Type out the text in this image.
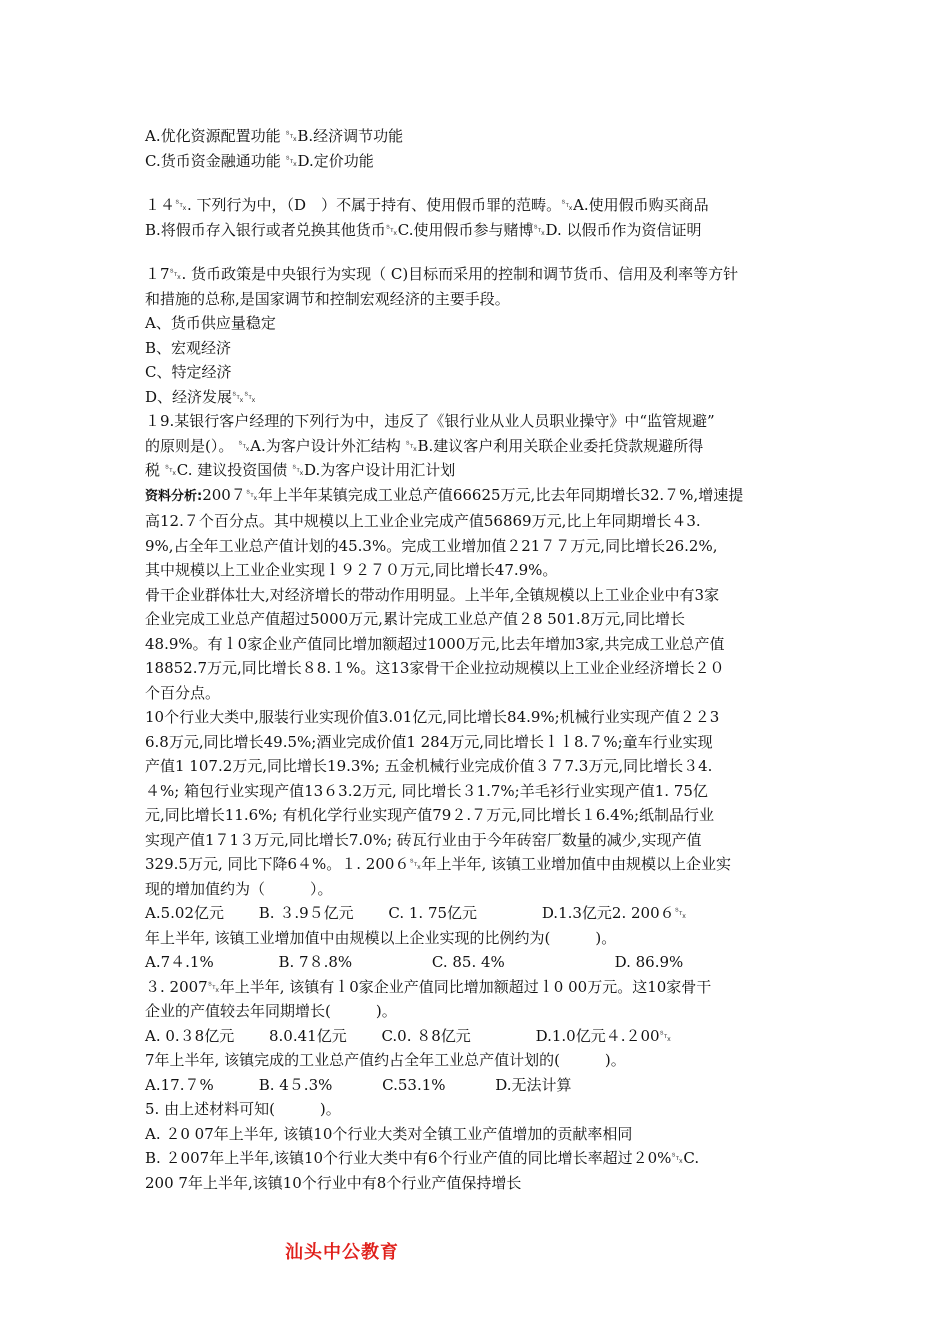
A.优化资源配置功能 ␂B.经济调节功能
C.货币资金融通功能 ␂D.定价功能
１４␂. 下列行为中，（D　）不属于持有、使用假币罪的范畴。␂A.使用假币购买商品
B.将假币存入银行或者兑换其他货币␂C.使用假币参与赌博␂D. 以假币作为资信证明
１7␂. 货币政策是中央银行为实现（ C)目标而采用的控制和调节货币、信用及利率等方针
和措施的总称,是国家调节和控制宏观经济的主要手段。
A、货币供应量稳定
B、宏观经济
C、特定经济
D、经济发展␂␂
１9.某银行客户经理的下列行为中，违反了《银行业从业人员职业操守》中“监管规避”
的原则是(）。 ␂A.为客户设计外汇结构 ␂B.建议客户利用关联企业委托贷款规避所得
税 ␂C. 建议投资国债 ␂D.为客户设计用汇计划
资料分析:200７␂年上半年某镇完成工业总产值66625万元,比去年同期增长32.７%,增速提
高12.７个百分点。其中规模以上工业企业完成产值56869万元,比上年同期增长４3.
9%,占全年工业总产值计划的45.3%。完成工业增加值２21７７万元,同比增长26.2%,
其中规模以上工业企业实现ｌ９２７０万元,同比增长47.9%。
骨干企业群体壮大,对经济增长的带动作用明显。上半年,全镇规模以上工业企业中有3家
企业完成工业总产值超过5000万元,累计完成工业总产值２8 501.8万元,同比增长
48.9%。有ｌ0家企业产值同比增加额超过1000万元,比去年增加3家,共完成工业总产值
18852.7万元,同比增长８8.１%。这13家骨干企业拉动规模以上工业企业经济增长２０
个百分点。
10个行业大类中,服装行业实现价值3.01亿元,同比增长84.9%;机械行业实现产值２２3
6.8万元,同比增长49.5%;酒业完成价值1 284万元,同比增长ｌｌ8.７%;童车行业实现
产值1 107.2万元,同比增长19.3%; 五金机械行业完成价值３７7.3万元,同比增长３4.
４%; 箱包行业实现产值13６3.2万元, 同比增长３1.7%;羊毛衫行业实现产值1. 75亿
元,同比增长11.6%; 有机化学行业实现产值79２.７万元,同比增长１6.4%;纸制品行业
实现产值1７1３万元,同比增长7.0%; 砖瓦行业由于今年砖窑厂数量的减少,实现产值
329.5万元, 同比下降6４%。１. 200６␂年上半年, 该镇工业增加值中由规模以上企业实
现的增加值约为（　　　）。
A.5.02亿元　　 B. ３.9５亿元　　 C. 1. 75亿元　　　　 D.1.3亿元2. 200６␂
年上半年, 该镇工业增加值中由规模以上企业实现的比例约为(　　　)。
A.7４.1%　　　　 B. 7８.8%　　　　　 C. 85. 4%　　　　　　　 D. 86.9%
３. 2007␂年上半年, 该镇有ｌ0家企业产值同比增加额超过ｌ0 00万元。这10家骨干
企业的产值较去年同期增长(　　　)。
A. 0.３8亿元　　 8.0.41亿元　　 C.0. ８8亿元　　　　 D.1.0亿元４.２00␂
7年上半年, 该镇完成的工业总产值约占全年工业总产值计划的(　　　)。
A.17.７%　　　B. 4５.3%　　　 C.53.1%　　　 D.无法计算
5. 由上述材料可知(　　　)。
A. ２0 07年上半年, 该镇10个行业大类对全镇工业产值增加的贡献率相同
B. ２007年上半年,该镇10个行业大类中有6个行业产值的同比增长率超过２0%␂C.
200 7年上半年,该镇10个行业中有8个行业产值保持增长
汕头中公教育
